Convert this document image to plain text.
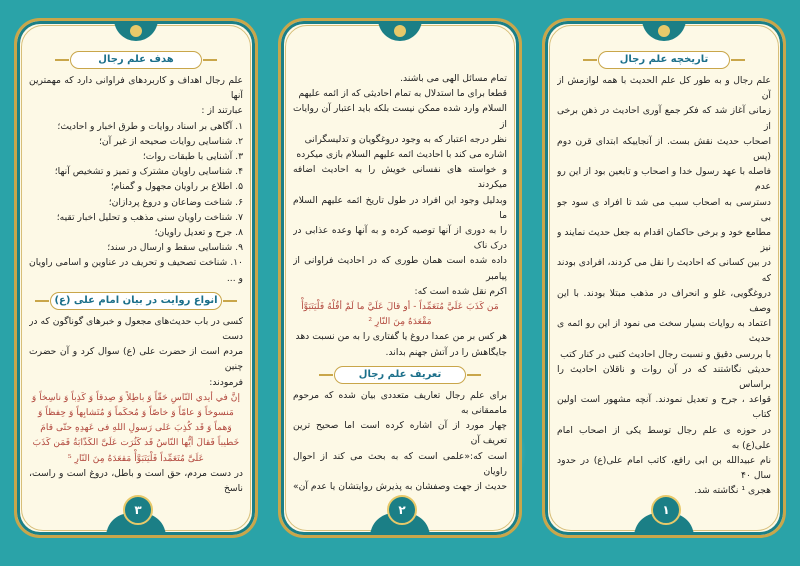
هدف علم رجال
علم رجال اهداف و کاربردهای فراوانی دارد که مهمترین آنها
عبارتند از :
۱. آگاهی بر اسناد روایات و طرق اخبار و احادیث؛
۲. شناسایی روایات صحیحه از غیر آن؛
۳. آشنایی با طبقات روات؛
۴. شناسایی راویان مشترک و تمیز و تشخیص آنها؛
۵. اطلاع بر راویان مجهول و گمنام؛
۶. شناخت وضاعان و دروغ پردازان؛
۷. شناخت راویان سنی مذهب و تحلیل اخبار تقیه؛
۸. جرح و تعدیل راویان؛
۹. شناسایی سقط و ارسال در سند؛
۱۰. شناخت تصحیف و تحریف در عناوین و اسامی راویان و ...
انواع روایت در بیان امام علی (ع)
کسی در باب حدیث‌های مجعول و خبرهای گوناگون که در دست
مردم است از حضرت علی (ع) سوال کرد و آن حضرت چنین
فرمودند:
إنَّ في أيدي النّاسِ حَقّاً وَ باطِلاً وَ صِدقاً وَ كَذِباً وَ ناسِخاً وَ مَنسوخاً وَ عامّاً وَ خاصّاً وَ مُحكَماً وَ مُتَشابِهاً وَ حِفظاً وَ وَهماً وَ قَد كُذِبَ عَلى رَسولِ اللهِ فی عَهدِهِ حتّی قامَ خَطیباً فَقالَ أیُّها النّاسُ قَد کَثُرَت عَلَیَّ الکَذّابَةُ فَمَن کَذَبَ عَلَیَّ مُتَعَمِّداً فَلْیَتَبَوَّأْ مَقعَدَهُ مِنَ النّارِ ⁵
در دست مردم، حق است و باطل، دروغ است و راست، ناسخ
۳
تمام مسائل الهی می باشند.
قطعا برای ما استدلال به تمام احادیثی که از ائمه علیهم
السلام وارد شده ممکن نیست بلکه باید اعتبار آن روایات از
نظر درجه اعتبار که به وجود دروغگویان و تدلیسگرانی
اشاره می کند با احادیث ائمه علیهم السلام بازی میکرده
و خواسته های نفسانی خویش را به احادیث اضافه میکردند
وبدلیل وجود این افراد در طول تاریخ ائمه علیهم السلام ما
را به دوری از آنها توصیه کرده و به آنها وعده عذابی در درک ناک
داده شده است همان طوری که در احادیث فراوانی از پیامبر
اکرم نقل شده است که:
مَن كَذَبَ عَلَيَّ مُتَعَمِّداً - أو قالَ عَلَيَّ ما لَمْ أقُلْهُ فَلْيَتَبَوَّأْ مَقْعَدَهُ مِنَ النّارِ ²
هر کس بر من عمدا دروغ یا گفتاری را به من نسبت دهد
جایگاهش را در آتش جهنم بداند.
تعریف علم رجال
برای علم رجال تعاریف متعددی بیان شده که مرحوم ماممقانی به
چهار مورد از آن اشاره کرده است اما صحیح ترین تعریف آن
است که:«علمی است که به بحث می کند از احوال راویان
حدیث از جهت وصفشان به پذیرش روایتشان یا عدم آن»
۲
تاریخچه علم رجال
علم رجال و به طور کل علم الحدیث با همه لوازمش از آن
زمانی آغاز شد که فکر جمع آوری احادیث در ذهن برخی از
اصحاب حدیث نقش بست. از آنجاییکه ابتدای قرن دوم (پس
فاصله با عهد رسول خدا و اصحاب و تابعین بود از این رو عدم
دسترسی به اصحاب سبب می شد تا افراد ی سود جو بی
مطامع خود و برخی حاکمان اقدام به جعل حدیث نمایند و نیز
در بین کسانی که احادیث را نقل می کردند، افرادی بودند که
دروغگویی، غلو و انحراف در مذهب مبتلا بودند. با این وصف
اعتماد به روایات بسیار سخت می نمود از این رو ائمه ی حدیث
با بررسی دقیق و نسبت رجال احادیث کتبی در کنار کتب
حدیثی نگاشتند که در آن روات و ناقلان احادیث را براساس
قواعد ، جرح و تعدیل نمودند. آنچه مشهور است اولین کتاب
در حوزه ی علم رجال توسط یکی از اصحاب امام علی(ع) به
نام عبیدالله بن ابی رافع، کاتب امام علی(ع) در حدود سال ۴۰
هجری ¹ نگاشته شد.
۱
